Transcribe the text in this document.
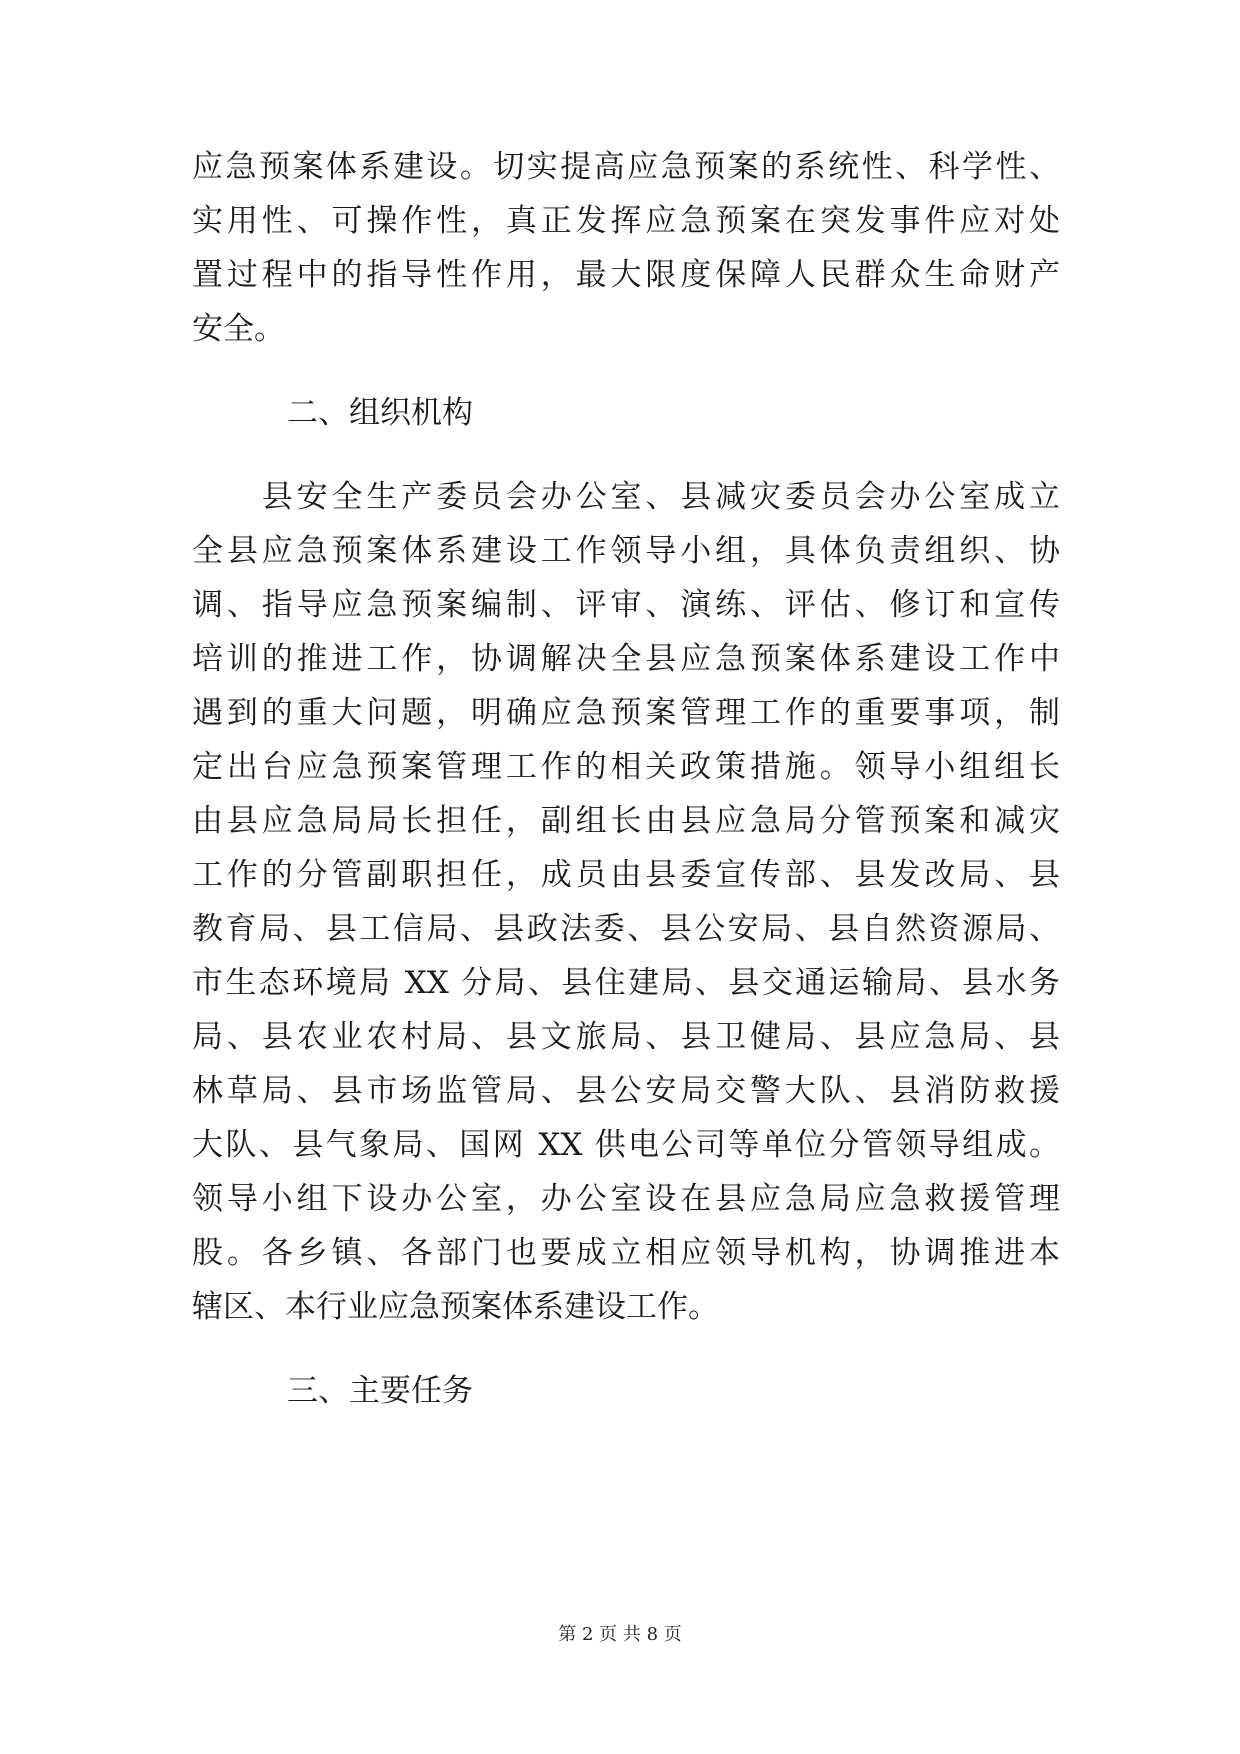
应急预案体系建设。切实提高应急预案的系统性、科学性、
实用性、可操作性，真正发挥应急预案在突发事件应对处
置过程中的指导性作用，最大限度保障人民群众生命财产
安全。
二、组织机构
　　县安全生产委员会办公室、县减灾委员会办公室成立
全县应急预案体系建设工作领导小组，具体负责组织、协
调、指导应急预案编制、评审、演练、评估、修订和宣传
培训的推进工作，协调解决全县应急预案体系建设工作中
遇到的重大问题，明确应急预案管理工作的重要事项，制
定出台应急预案管理工作的相关政策措施。领导小组组长
由县应急局局长担任，副组长由县应急局分管预案和减灾
工作的分管副职担任，成员由县委宣传部、县发改局、县
教育局、县工信局、县政法委、县公安局、县自然资源局、
市生态环境局 XX 分局、县住建局、县交通运输局、县水务
局、县农业农村局、县文旅局、县卫健局、县应急局、县
林草局、县市场监管局、县公安局交警大队、县消防救援
大队、县气象局、国网 XX 供电公司等单位分管领导组成。
领导小组下设办公室，办公室设在县应急局应急救援管理
股。各乡镇、各部门也要成立相应领导机构，协调推进本
辖区、本行业应急预案体系建设工作。
三、主要任务
第 2 页 共 8 页
